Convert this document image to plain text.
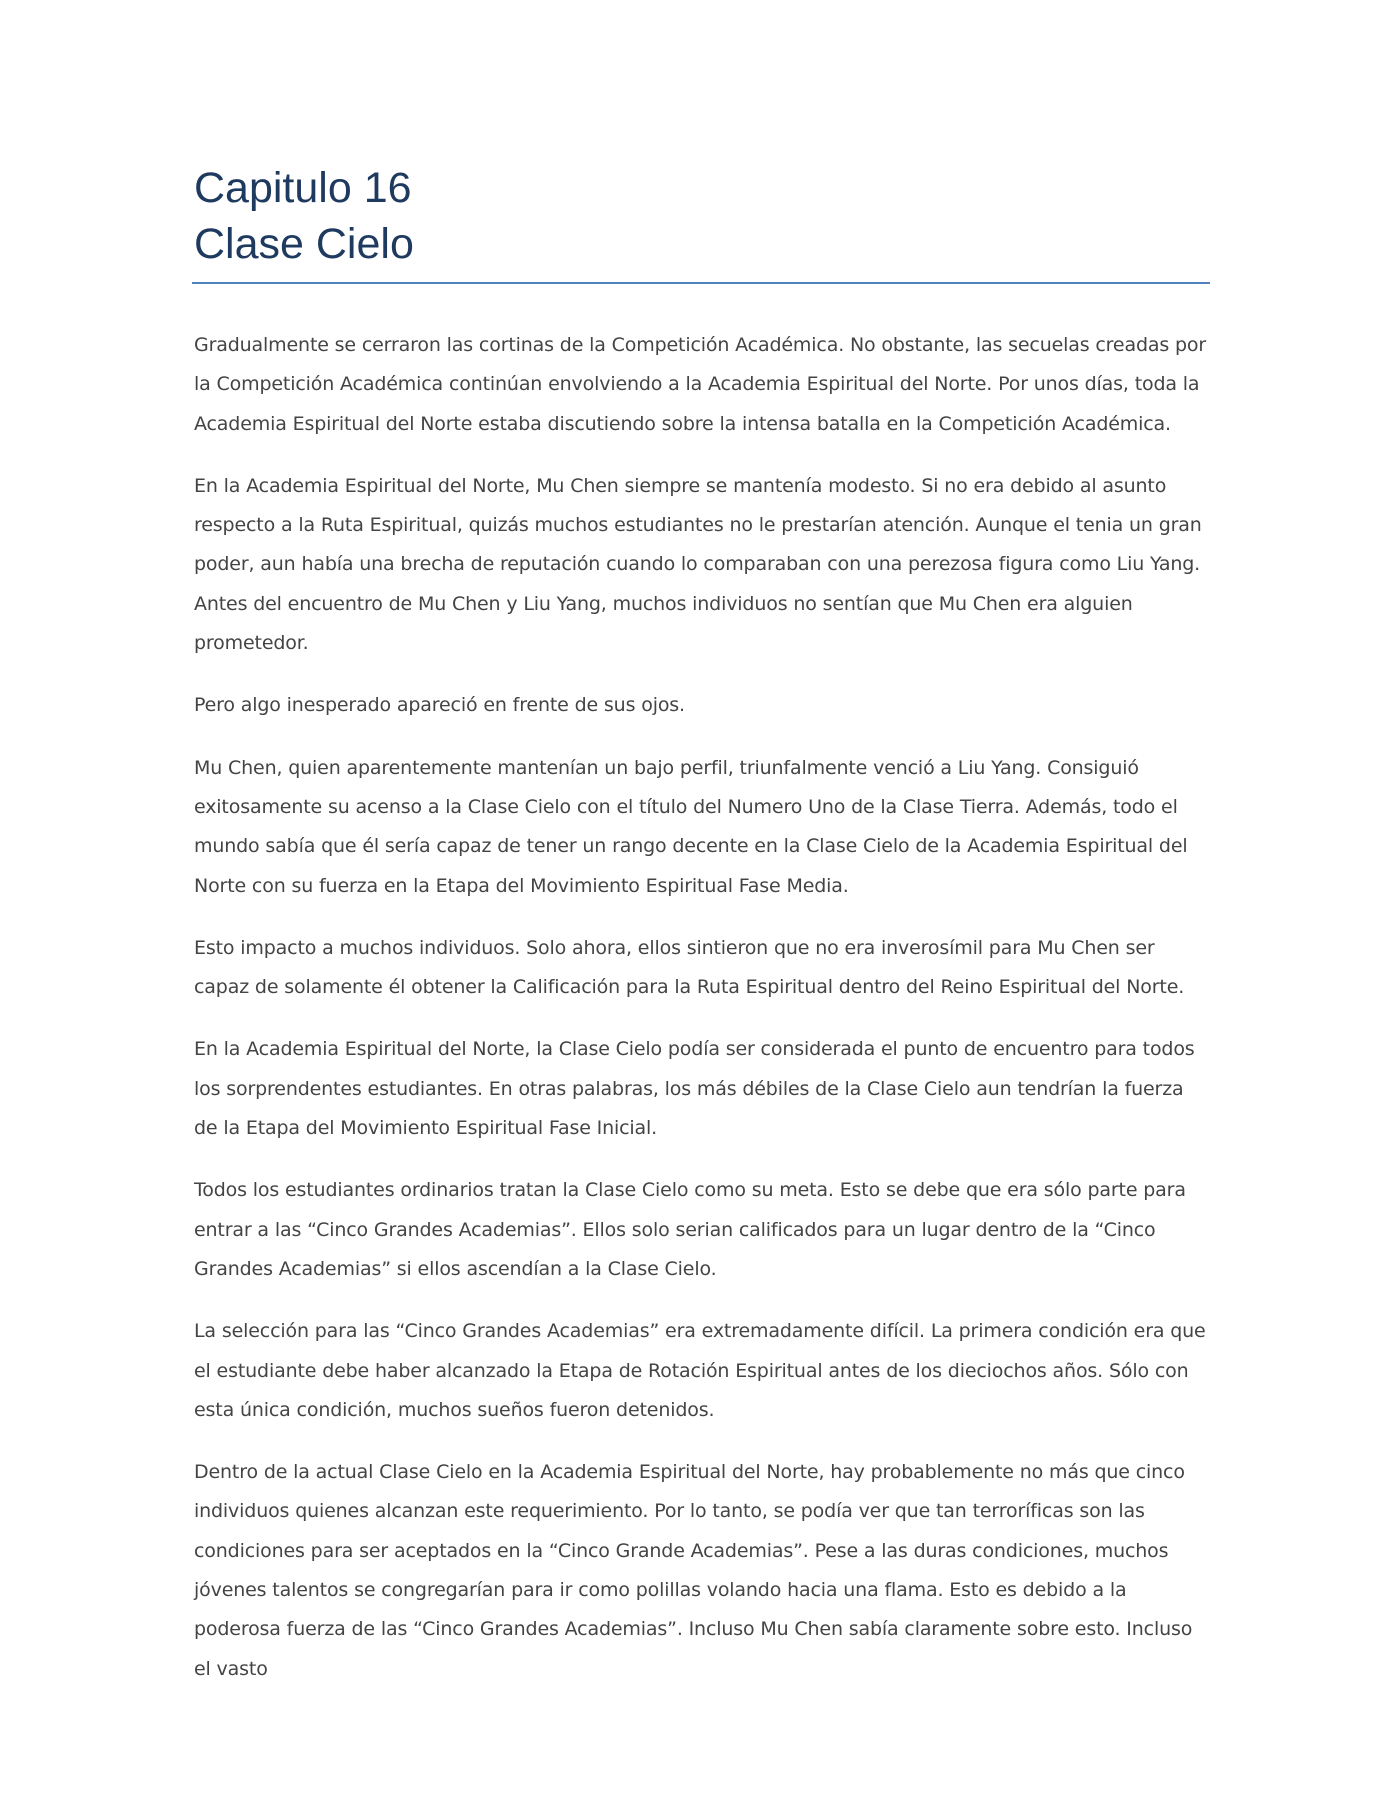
Capitulo 16
Clase Cielo

Gradualmente se cerraron las cortinas de la Competición Académica. No obstante, las secuelas creadas por la Competición Académica continúan envolviendo a la Academia Espiritual del Norte. Por unos días, toda la Academia Espiritual del Norte estaba discutiendo sobre la intensa batalla en la Competición Académica.

En la Academia Espiritual del Norte, Mu Chen siempre se mantenía modesto. Si no era debido al asunto respecto a la Ruta Espiritual, quizás muchos estudiantes no le prestarían atención. Aunque el tenia un gran poder, aun había una brecha de reputación cuando lo comparaban con una perezosa figura como Liu Yang. Antes del encuentro de Mu Chen y Liu Yang, muchos individuos no sentían que Mu Chen era alguien prometedor.

Pero algo inesperado apareció en frente de sus ojos.

Mu Chen, quien aparentemente mantenían un bajo perfil, triunfalmente venció a Liu Yang. Consiguió exitosamente su acenso a la Clase Cielo con el título del Numero Uno de la Clase Tierra. Además, todo el mundo sabía que él sería capaz de tener un rango decente en la Clase Cielo de la Academia Espiritual del Norte con su fuerza en la Etapa del Movimiento Espiritual Fase Media.

Esto impacto a muchos individuos. Solo ahora, ellos sintieron que no era inverosímil para Mu Chen ser capaz de solamente él obtener la Calificación para la Ruta Espiritual dentro del Reino Espiritual del Norte.

En la Academia Espiritual del Norte, la Clase Cielo podía ser considerada el punto de encuentro para todos los sorprendentes estudiantes. En otras palabras, los más débiles de la Clase Cielo aun tendrían la fuerza de la Etapa del Movimiento Espiritual Fase Inicial.

Todos los estudiantes ordinarios tratan la Clase Cielo como su meta. Esto se debe que era sólo parte para entrar a las “Cinco Grandes Academias”. Ellos solo serian calificados para un lugar dentro de la “Cinco Grandes Academias” si ellos ascendían a la Clase Cielo.

La selección para las “Cinco Grandes Academias” era extremadamente difícil. La primera condición era que el estudiante debe haber alcanzado la Etapa de Rotación Espiritual antes de los dieciochos años. Sólo con esta única condición, muchos sueños fueron detenidos.

Dentro de la actual Clase Cielo en la Academia Espiritual del Norte, hay probablemente no más que cinco individuos quienes alcanzan este requerimiento. Por lo tanto, se podía ver que tan terroríficas son las condiciones para ser aceptados en la “Cinco Grande Academias”. Pese a las duras condiciones, muchos jóvenes talentos se congregarían para ir como polillas volando hacia una flama. Esto es debido a la poderosa fuerza de las “Cinco Grandes Academias”. Incluso Mu Chen sabía claramente sobre esto. Incluso el vasto
